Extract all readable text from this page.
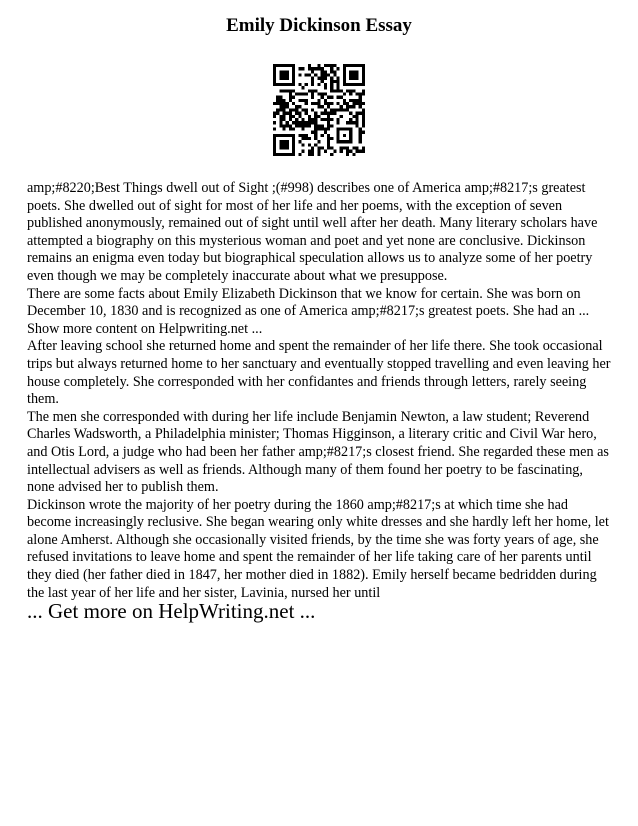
Emily Dickinson Essay

amp;#8220;Best Things dwell out of Sight ;(#998) describes one of America amp;#8217;s greatest poets. She dwelled out of sight for most of her life and her poems, with the exception of seven published anonymously, remained out of sight until well after her death. Many literary scholars have attempted a biography on this mysterious woman and poet and yet none are conclusive. Dickinson remains an enigma even today but biographical speculation allows us to analyze some of her poetry even though we may be completely inaccurate about what we presuppose.

There are some facts about Emily Elizabeth Dickinson that we know for certain. She was born on December 10, 1830 and is recognized as one of America amp;#8217;s greatest poets. She had an ...

Show more content on Helpwriting.net ...

After leaving school she returned home and spent the remainder of her life there. She took occasional trips but always returned home to her sanctuary and eventually stopped travelling and even leaving her house completely. She corresponded with her confidantes and friends through letters, rarely seeing them.

The men she corresponded with during her life include Benjamin Newton, a law student; Reverend Charles Wadsworth, a Philadelphia minister; Thomas Higginson, a literary critic and Civil War hero, and Otis Lord, a judge who had been her father amp;#8217;s closest friend. She regarded these men as intellectual advisers as well as friends. Although many of them found her poetry to be fascinating, none advised her to publish them.

Dickinson wrote the majority of her poetry during the 1860 amp;#8217;s at which time she had become increasingly reclusive. She began wearing only white dresses and she hardly left her home, let alone Amherst. Although she occasionally visited friends, by the time she was forty years of age, she refused invitations to leave home and spent the remainder of her life taking care of her parents until they died (her father died in 1847, her mother died in 1882). Emily herself became bedridden during the last year of her life and her sister, Lavinia, nursed her until

... Get more on HelpWriting.net ...
